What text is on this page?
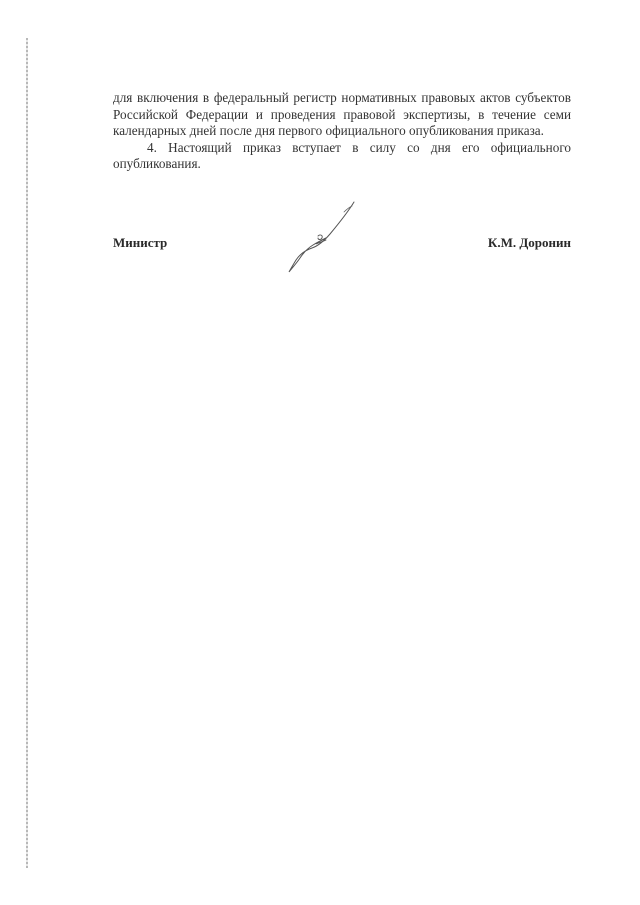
для включения в федеральный регистр нормативных правовых актов субъектов Российской Федерации и проведения правовой экспертизы, в течение семи календарных дней после дня первого официального опубликования приказа.

4. Настоящий приказ вступает в силу со дня его официального опубликования.

Министр	К.М. Доронин
